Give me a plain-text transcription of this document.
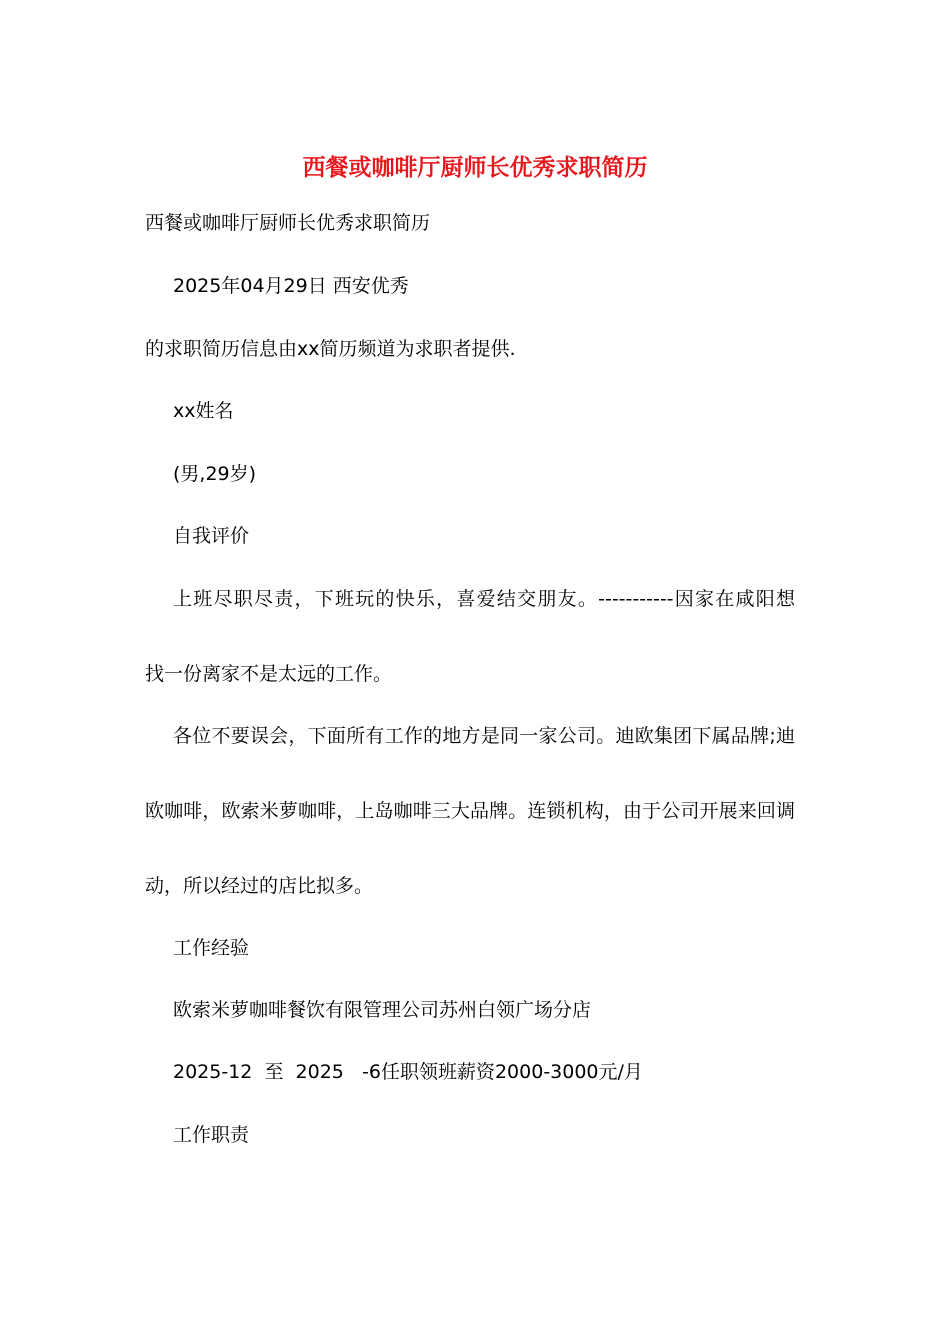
西餐或咖啡厅厨师长优秀求职简历
西餐或咖啡厅厨师长优秀求职简历
2025年04月29日 西安优秀
的求职简历信息由xx简历频道为求职者提供.
xx姓名
(男,29岁)
自我评价
上班尽职尽责，下班玩的快乐，喜爱结交朋友。-----------因家在咸阳想
找一份离家不是太远的工作。
各位不要误会，下面所有工作的地方是同一家公司。迪欧集团下属品牌;迪
欧咖啡，欧索米萝咖啡，上岛咖啡三大品牌。连锁机构，由于公司开展来回调
动，所以经过的店比拟多。
工作经验
欧索米萝咖啡餐饮有限管理公司苏州白领广场分店
2025-12  至  2025   -6任职领班薪资2000-3000元/月
工作职责
